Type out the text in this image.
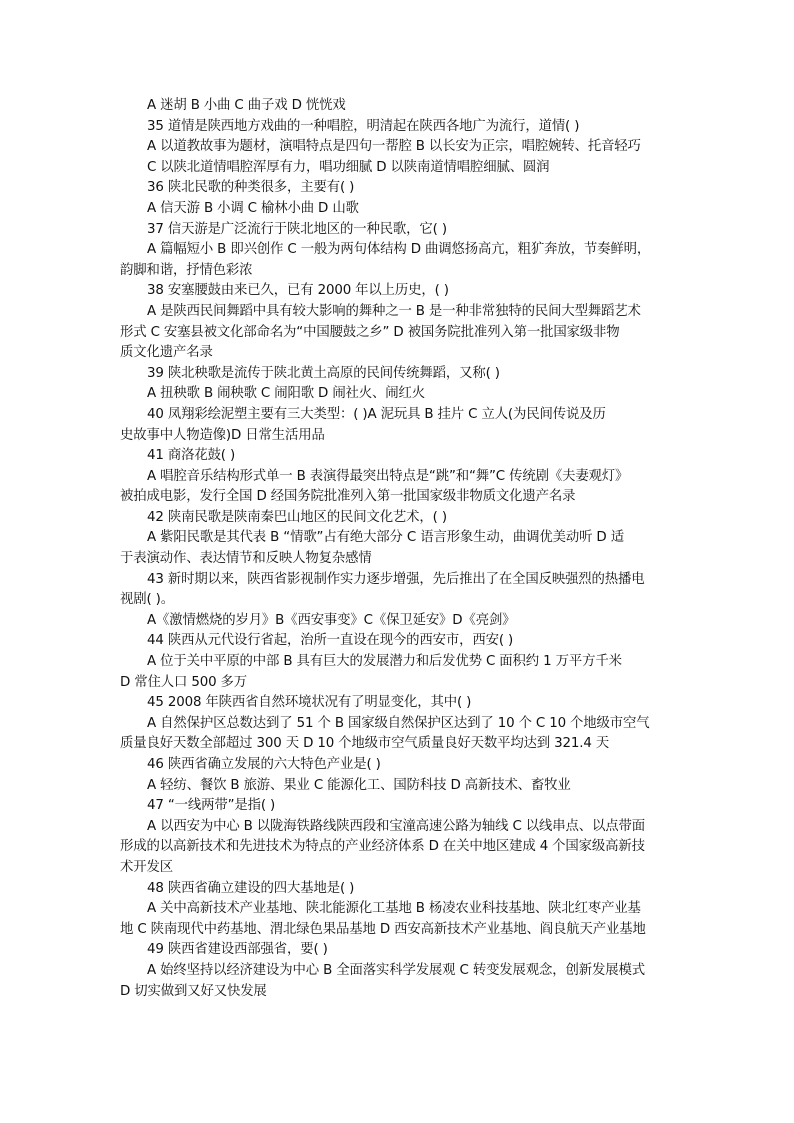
A 迷胡 B 小曲 C 曲子戏 D 恍恍戏
35 道情是陕西地方戏曲的一种唱腔，明清起在陕西各地广为流行，道情( )
A 以道教故事为题材，演唱特点是四句一帮腔 B 以长安为正宗，唱腔婉转、托音轻巧
C 以陕北道情唱腔浑厚有力，唱功细腻 D 以陕南道情唱腔细腻、圆润
36 陕北民歌的种类很多，主要有( )
A 信天游 B 小调 C 榆林小曲 D 山歌
37 信天游是广泛流行于陕北地区的一种民歌，它( )
A 篇幅短小 B 即兴创作 C 一般为两句体结构 D 曲调悠扬高亢，粗犷奔放，节奏鲜明，
韵脚和谐，抒情色彩浓
38 安塞腰鼓由来已久，已有 2000 年以上历史，( )
A 是陕西民间舞蹈中具有较大影响的舞种之一 B 是一种非常独特的民间大型舞蹈艺术
形式 C 安塞县被文化部命名为“中国腰鼓之乡” D 被国务院批准列入第一批国家级非物
质文化遗产名录
39 陕北秧歌是流传于陕北黄土高原的民间传统舞蹈，又称( )
A 扭秧歌 B 闹秧歌 C 闹阳歌 D 闹社火、闹红火
40 凤翔彩绘泥塑主要有三大类型：( )A 泥玩具 B 挂片 C 立人(为民间传说及历
史故事中人物造像)D 日常生活用品
41 商洛花鼓( )
A 唱腔音乐结构形式单一 B 表演得最突出特点是“跳”和“舞”C 传统剧《夫妻观灯》
被拍成电影，发行全国 D 经国务院批准列入第一批国家级非物质文化遗产名录
42 陕南民歌是陕南秦巴山地区的民间文化艺术，( )
A 紫阳民歌是其代表 B “情歌”占有绝大部分 C 语言形象生动，曲调优美动听 D 适
于表演动作、表达情节和反映人物复杂感情
43 新时期以来，陕西省影视制作实力逐步增强，先后推出了在全国反映强烈的热播电
视剧( )。
A《激情燃烧的岁月》B《西安事变》C《保卫延安》D《亮剑》
44 陕西从元代设行省起，治所一直设在现今的西安市，西安( )
A 位于关中平原的中部 B 具有巨大的发展潜力和后发优势 C 面积约 1 万平方千米
D 常住人口 500 多万
45 2008 年陕西省自然环境状况有了明显变化，其中( )
A 自然保护区总数达到了 51 个 B 国家级自然保护区达到了 10 个 C 10 个地级市空气
质量良好天数全部超过 300 天 D 10 个地级市空气质量良好天数平均达到 321.4 天
46 陕西省确立发展的六大特色产业是( )
A 轻纺、餐饮 B 旅游、果业 C 能源化工、国防科技 D 高新技术、畜牧业
47 “一线两带”是指( )
A 以西安为中心 B 以陇海铁路线陕西段和宝潼高速公路为轴线 C 以线串点、以点带面
形成的以高新技术和先进技术为特点的产业经济体系 D 在关中地区建成 4 个国家级高新技
术开发区
48 陕西省确立建设的四大基地是( )
A 关中高新技术产业基地、陕北能源化工基地 B 杨凌农业科技基地、陕北红枣产业基
地 C 陕南现代中药基地、渭北绿色果品基地 D 西安高新技术产业基地、阎良航天产业基地
49 陕西省建设西部强省，要( )
A 始终坚持以经济建设为中心 B 全面落实科学发展观 C 转变发展观念，创新发展模式
D 切实做到又好又快发展
